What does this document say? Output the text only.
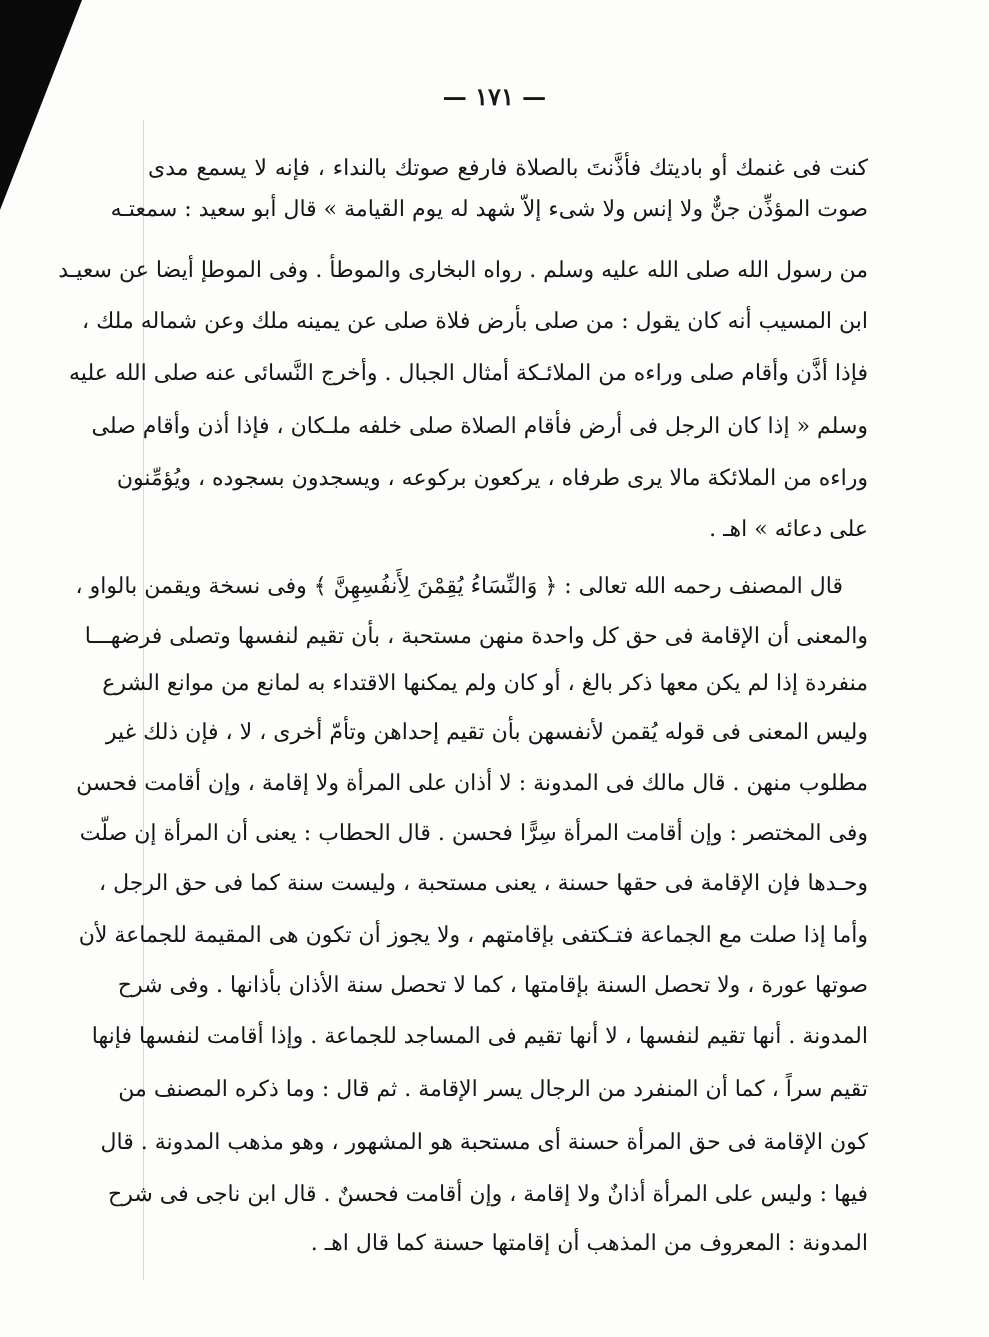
— ١٧١ —
كنت فى غنمك أو باديتك فأذَّنتَ بالصلاة فارفع صوتك بالنداء ، فإنه لا يسمع مدى
صوت المؤذِّن جنٌّ ولا إنس ولا شىء إلاّ شهد له يوم القيامة » قال أبو سعيد : سمعتـه
من رسول الله صلى الله عليه وسلم . رواه البخارى والموطأ . وفى الموطإ أيضا عن سعيـد
ابن المسيب أنه كان يقول : من صلى بأرض فلاة صلى عن يمينه ملك وعن شماله ملك ،
فإذا أذَّن وأقام صلى وراءه من الملائـكة أمثال الجبال . وأخرج النَّسائى عنه صلى الله عليه
وسلم « إذا كان الرجل فى أرض فأقام الصلاة صلى خلفه ملـكان ، فإذا أذن وأقام صلى
وراءه من الملائكة مالا يرى طرفاه ، يركعون بركوعه ، ويسجدون بسجوده ، ويُؤمِّنون
على دعائه » اهـ .
قال المصنف رحمه الله تعالى : ﴿ وَالنِّسَاءُ يُقِمْنَ لِأَنفُسِهِنَّ ﴾ وفى نسخة ويقمن بالواو ،
والمعنى أن الإقامة فى حق كل واحدة منهن مستحبة ، بأن تقيم لنفسها وتصلى فرضهـــا
منفردة إذا لم يكن معها ذكر بالغ ، أو كان ولم يمكنها الاقتداء به لمانع من موانع الشرع
وليس المعنى فى قوله يُقمن لأنفسهن بأن تقيم إحداهن وتأمّ أخرى ، لا ، فإن ذلك غير
مطلوب منهن . قال مالك فى المدونة : لا أذان على المرأة ولا إقامة ، وإن أقامت فحسن
وفى المختصر : وإن أقامت المرأة سِرًّا فحسن . قال الحطاب : يعنى أن المرأة إن صلّت
وحـدها فإن الإقامة فى حقها حسنة ، يعنى مستحبة ، وليست سنة كما فى حق الرجل ،
وأما إذا صلت مع الجماعة فتـكتفى بإقامتهم ، ولا يجوز أن تكون هى المقيمة للجماعة لأن
صوتها عورة ، ولا تحصل السنة بإقامتها ، كما لا تحصل سنة الأذان بأذانها . وفى شرح
المدونة . أنها تقيم لنفسها ، لا أنها تقيم فى المساجد للجماعة . وإذا أقامت لنفسها فإنها
تقيم سراً ، كما أن المنفرد من الرجال يسر الإقامة . ثم قال : وما ذكره المصنف من
كون الإقامة فى حق المرأة حسنة أى مستحبة هو المشهور ، وهو مذهب المدونة . قال
فيها : وليس على المرأة أذانٌ ولا إقامة ، وإن أقامت فحسنٌ . قال ابن ناجى فى شرح
المدونة : المعروف من المذهب أن إقامتها حسنة كما قال اهـ .
